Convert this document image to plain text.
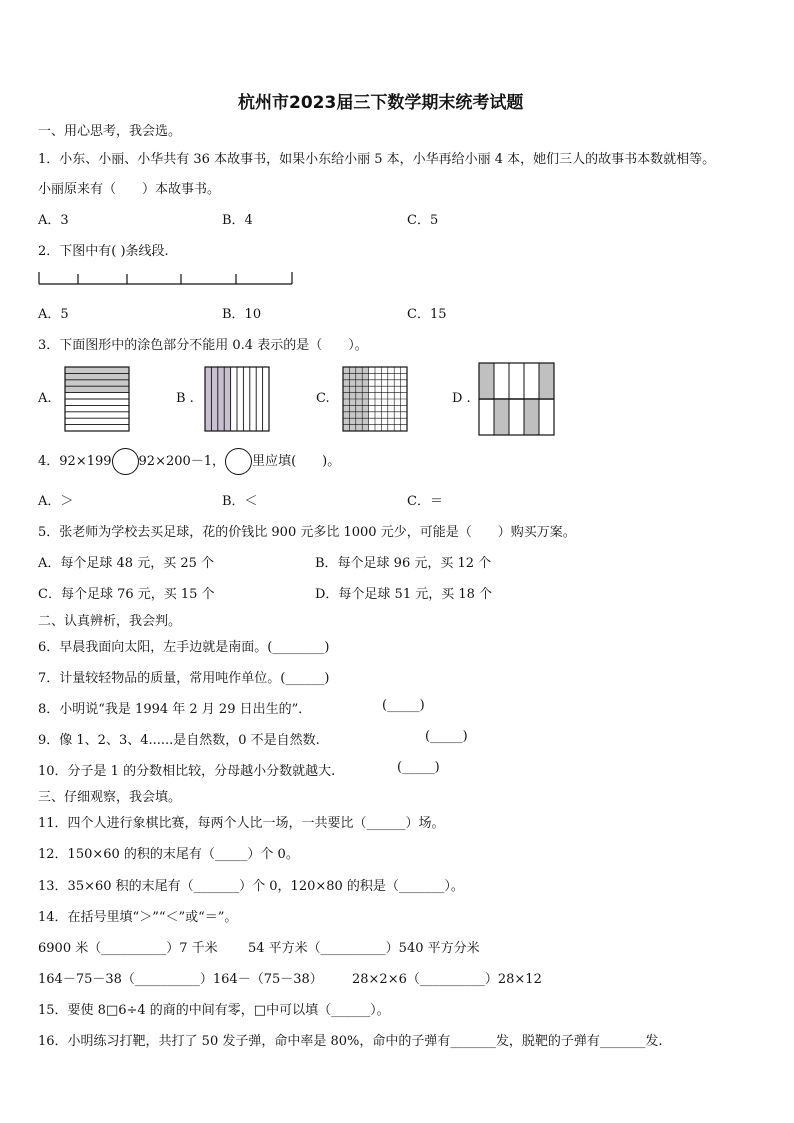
杭州市2023届三下数学期末统考试题
一、用心思考，我会选。
1．小东、小丽、小华共有 36 本故事书，如果小东给小丽 5 本，小华再给小丽 4 本，她们三人的故事书本数就相等。
小丽原来有（ ）本故事书。
A．3	B．4	C．5
2．下图中有( )条线段.
A．5	B．10	C．15
3．下面图形中的涂色部分不能用 0.4 表示的是（　　）。
A.	B .	C.	D .
4．92×199 92×200－1， 里应填(　　)。
A．＞	B．＜	C．＝
5．张老师为学校去买足球，花的价钱比 900 元多比 1000 元少，可能是（　　）购买万案。
A．每个足球 48 元，买 25 个	B．每个足球 96 元，买 12 个
C．每个足球 76 元，买 15 个	D．每个足球 51 元，买 18 个
二、认真辨析，我会判。
6．早晨我面向太阳，左手边就是南面。(________)
7．计量较轻物品的质量，常用吨作单位。(______)
8．小明说“我是 1994 年 2 月 29 日出生的”．	(_____)
9．像 1、2、3、4......是自然数，0 不是自然数.	(_____)
10．分子是 1 的分数相比较，分母越小分数就越大.	(_____)
三、仔细观察，我会填。
11．四个人进行象棋比赛，每两个人比一场，一共要比（______）场。
12．150×60 的积的末尾有（_____）个 0。
13．35×60 积的末尾有（_______）个 0，120×80 的积是（_______）。
14．在括号里填“＞”“＜”或“＝”。
6900 米（__________）7 千米 54 平方米（__________）540 平方分米
164－75－38（__________）164－（75－38） 28×2×6（__________）28×12
15．要使 8□6÷4 的商的中间有零，□中可以填（______）。
16．小明练习打靶，共打了 50 发子弹，命中率是 80%，命中的子弹有_______发，脱靶的子弹有_______发.
